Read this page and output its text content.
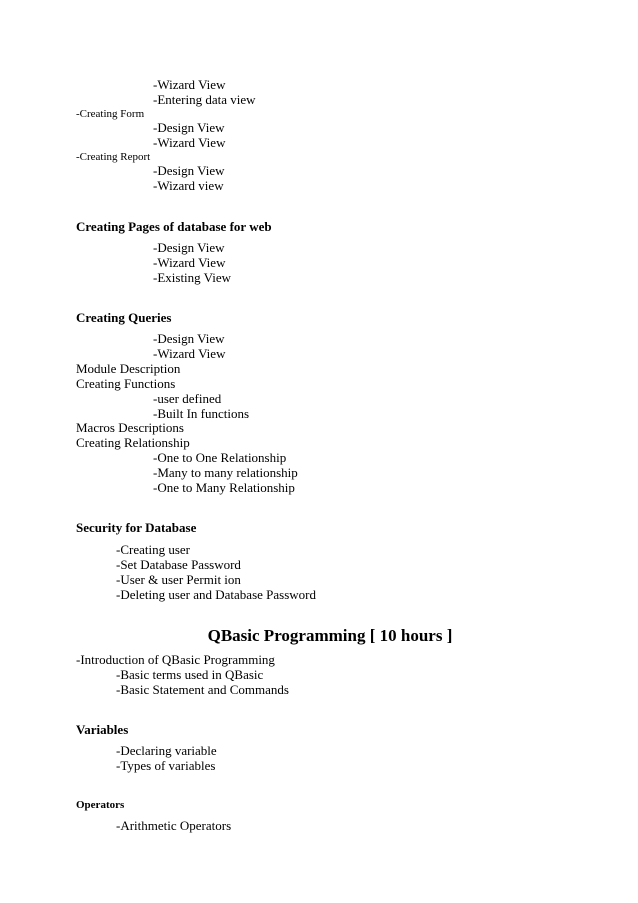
-Wizard View
-Entering data view
-Creating Form
-Design View
-Wizard View
-Creating Report
-Design View
-Wizard view
Creating Pages of database for web
-Design View
-Wizard View
-Existing View
Creating Queries
-Design View
-Wizard View
Module Description
Creating Functions
-user defined
-Built In functions
Macros Descriptions
Creating Relationship
-One to One Relationship
-Many to many relationship
-One to Many Relationship
Security for Database
-Creating user
-Set Database Password
-User & user Permit ion
-Deleting user and Database Password
QBasic Programming [ 10 hours ]
-Introduction of QBasic Programming
-Basic terms used in QBasic
-Basic Statement and Commands
Variables
-Declaring variable
-Types of variables
Operators
-Arithmetic Operators
